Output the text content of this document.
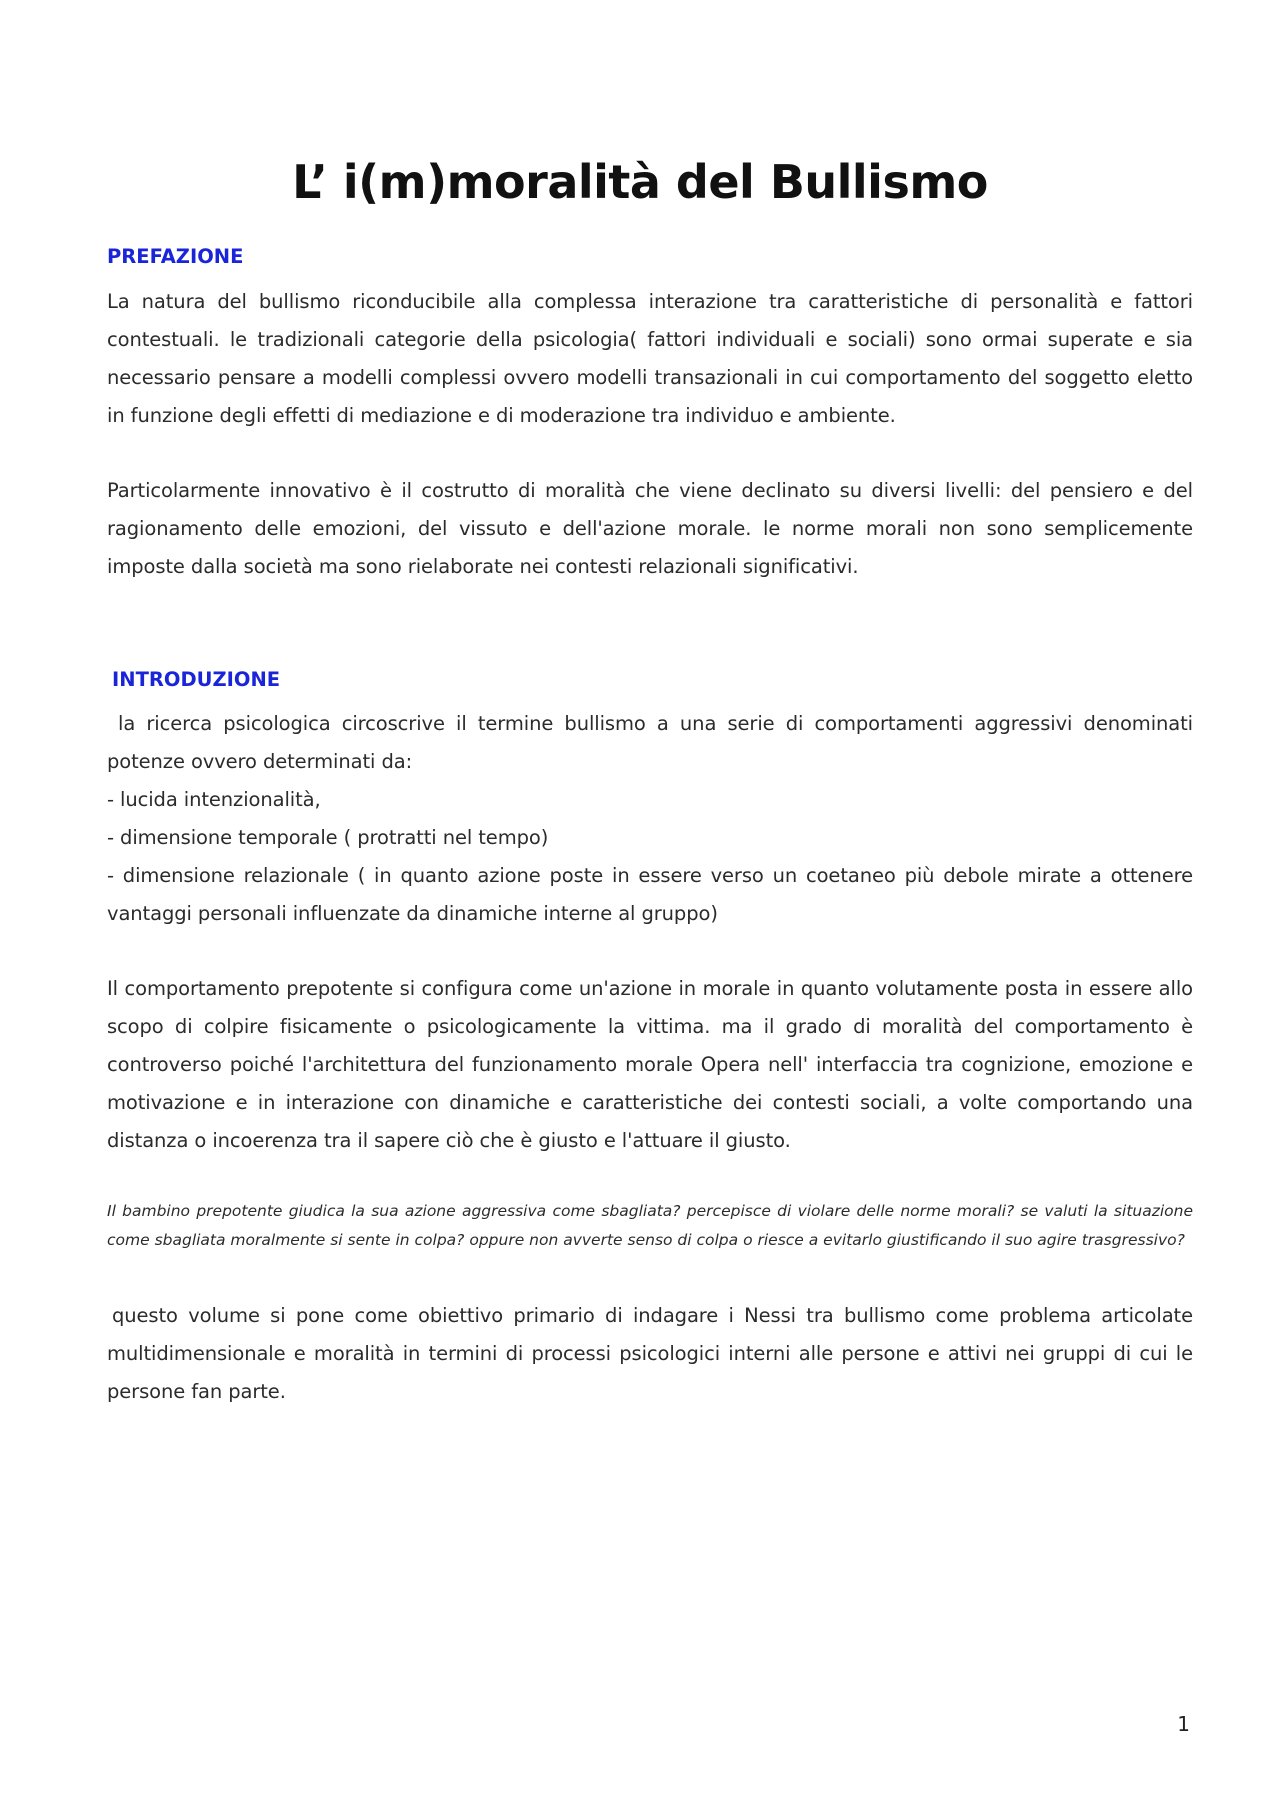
L’ i(m)moralità del Bullismo
PREFAZIONE

La natura del bullismo riconducibile alla complessa interazione tra caratteristiche di personalità e fattori contestuali. le tradizionali categorie della psicologia( fattori individuali e sociali) sono ormai superate e sia necessario pensare a modelli complessi ovvero modelli transazionali in cui comportamento del soggetto eletto in funzione degli effetti di mediazione e di moderazione tra individuo e ambiente.

Particolarmente innovativo è il costrutto di moralità che viene declinato su diversi livelli: del pensiero e del ragionamento delle emozioni, del vissuto e dell'azione morale. le norme morali non sono semplicemente imposte dalla società ma sono rielaborate nei contesti relazionali significativi.

INTRODUZIONE

la ricerca psicologica circoscrive il termine bullismo a una serie di comportamenti aggressivi denominati

potenze ovvero determinati da:

- lucida intenzionalità,

- dimensione temporale ( protratti nel tempo)

- dimensione relazionale ( in quanto azione poste in essere verso un coetaneo più debole mirate a ottenere vantaggi personali influenzate da dinamiche interne al gruppo)

Il comportamento prepotente si configura come un'azione in morale in quanto volutamente posta in essere allo scopo di colpire fisicamente o psicologicamente la vittima. ma il grado di moralità del comportamento è controverso poiché l'architettura del funzionamento morale Opera nell' interfaccia tra cognizione, emozione e motivazione e in interazione con dinamiche e caratteristiche dei contesti sociali, a volte comportando una distanza o incoerenza tra il sapere ciò che è giusto e l'attuare il giusto.

Il bambino prepotente giudica la sua azione aggressiva come sbagliata? percepisce di violare delle norme morali? se valuti la situazione come sbagliata moralmente si sente in colpa? oppure non avverte senso di colpa o riesce a evitarlo giustificando il suo agire trasgressivo?

questo volume si pone come obiettivo primario di indagare i Nessi tra bullismo come problema articolate multidimensionale e moralità in termini di processi psicologici interni alle persone e attivi nei gruppi di cui le persone fan parte.

1
